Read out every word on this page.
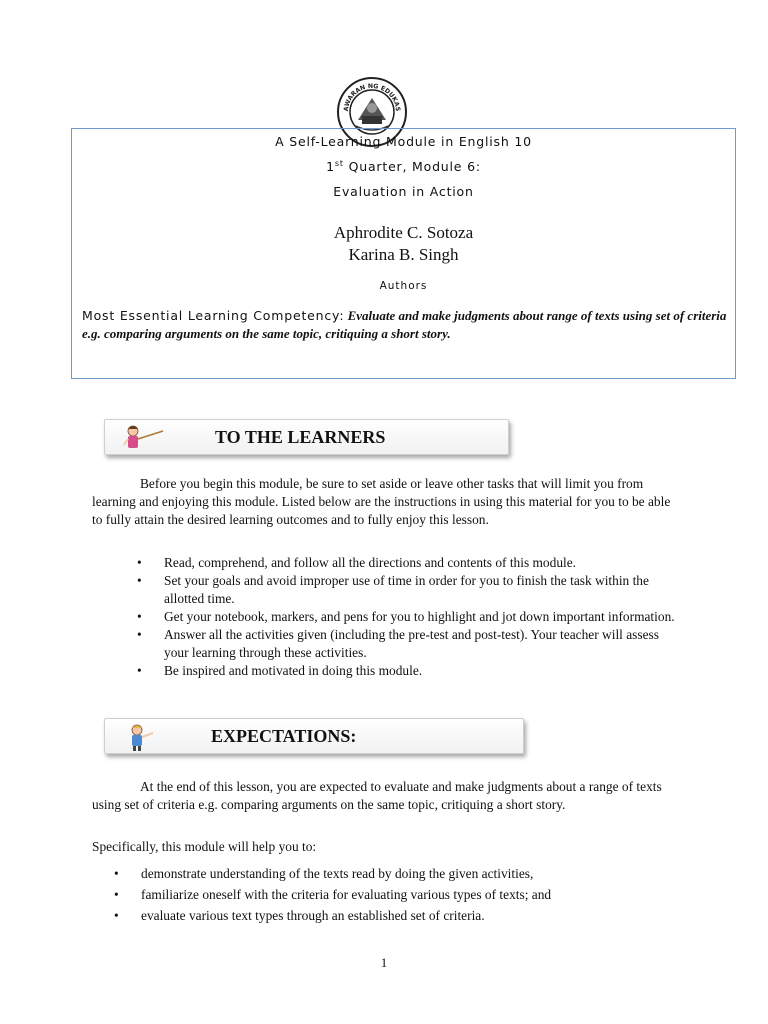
AWARAN NG EDUKAS
A Self-Learning Module in English 10
1st Quarter, Module 6:
Evaluation in Action
Aphrodite C. Sotoza
Karina B. Singh
Authors
Most Essential Learning Competency: Evaluate and make judgments about range of texts using set of criteria e.g. comparing arguments on the same topic, critiquing a short story.
TO THE LEARNERS
Before you begin this module, be sure to set aside or leave other tasks that will limit you from learning and enjoying this module. Listed below are the instructions in using this material for you to be able to fully attain the desired learning outcomes and to fully enjoy this lesson.
• Read, comprehend, and follow all the directions and contents of this module.
• Set your goals and avoid improper use of time in order for you to finish the task within the allotted time.
• Get your notebook, markers, and pens for you to highlight and jot down important information.
• Answer all the activities given (including the pre-test and post-test). Your teacher will assess your learning through these activities.
• Be inspired and motivated in doing this module.
EXPECTATIONS:
At the end of this lesson, you are expected to evaluate and make judgments about a range of texts using set of criteria e.g. comparing arguments on the same topic, critiquing a short story.
Specifically, this module will help you to:
• demonstrate understanding of the texts read by doing the given activities,
• familiarize oneself with the criteria for evaluating various types of texts; and
• evaluate various text types through an established set of criteria.
1
